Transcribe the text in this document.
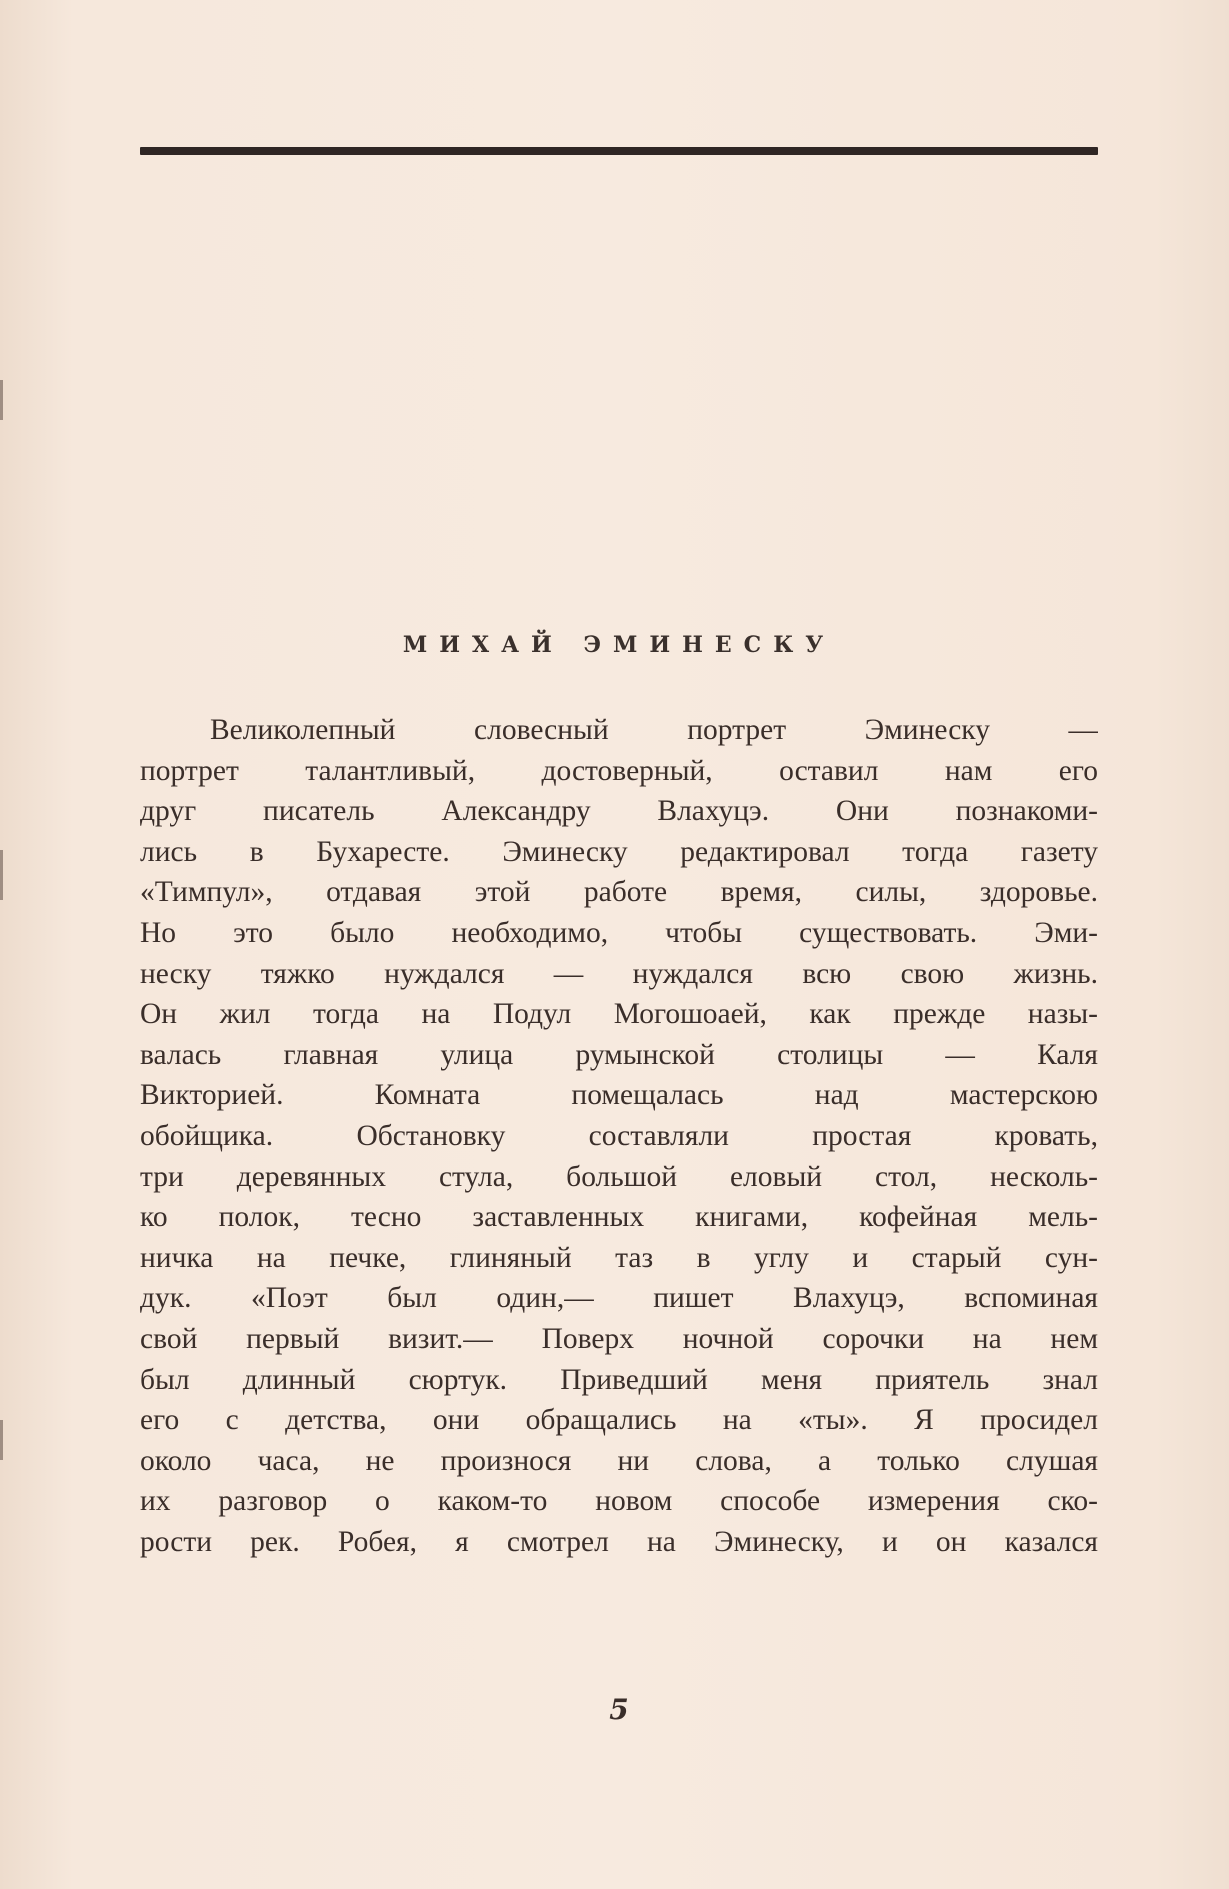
МИХАЙ ЭМИНЕСКУ
Великолепный словесный портрет Эминеску —
портрет талантливый, достоверный, оставил нам его
друг писатель Александру Влахуцэ. Они познакоми-
лись в Бухаресте. Эминеску редактировал тогда газету
«Тимпул», отдавая этой работе время, силы, здоровье.
Но это было необходимо, чтобы существовать. Эми-
неску тяжко нуждался — нуждался всю свою жизнь.
Он жил тогда на Подул Могошоаей, как прежде назы-
валась главная улица румынской столицы — Каля
Викторией. Комната помещалась над мастерскою
обойщика. Обстановку составляли простая кровать,
три деревянных стула, большой еловый стол, несколь-
ко полок, тесно заставленных книгами, кофейная мель-
ничка на печке, глиняный таз в углу и старый сун-
дук. «Поэт был один,— пишет Влахуцэ, вспоминая
свой первый визит.— Поверх ночной сорочки на нем
был длинный сюртук. Приведший меня приятель знал
его с детства, они обращались на «ты». Я просидел
около часа, не произнося ни слова, а только слушая
их разговор о каком-то новом способе измерения ско-
рости рек. Робея, я смотрел на Эминеску, и он казался
5
